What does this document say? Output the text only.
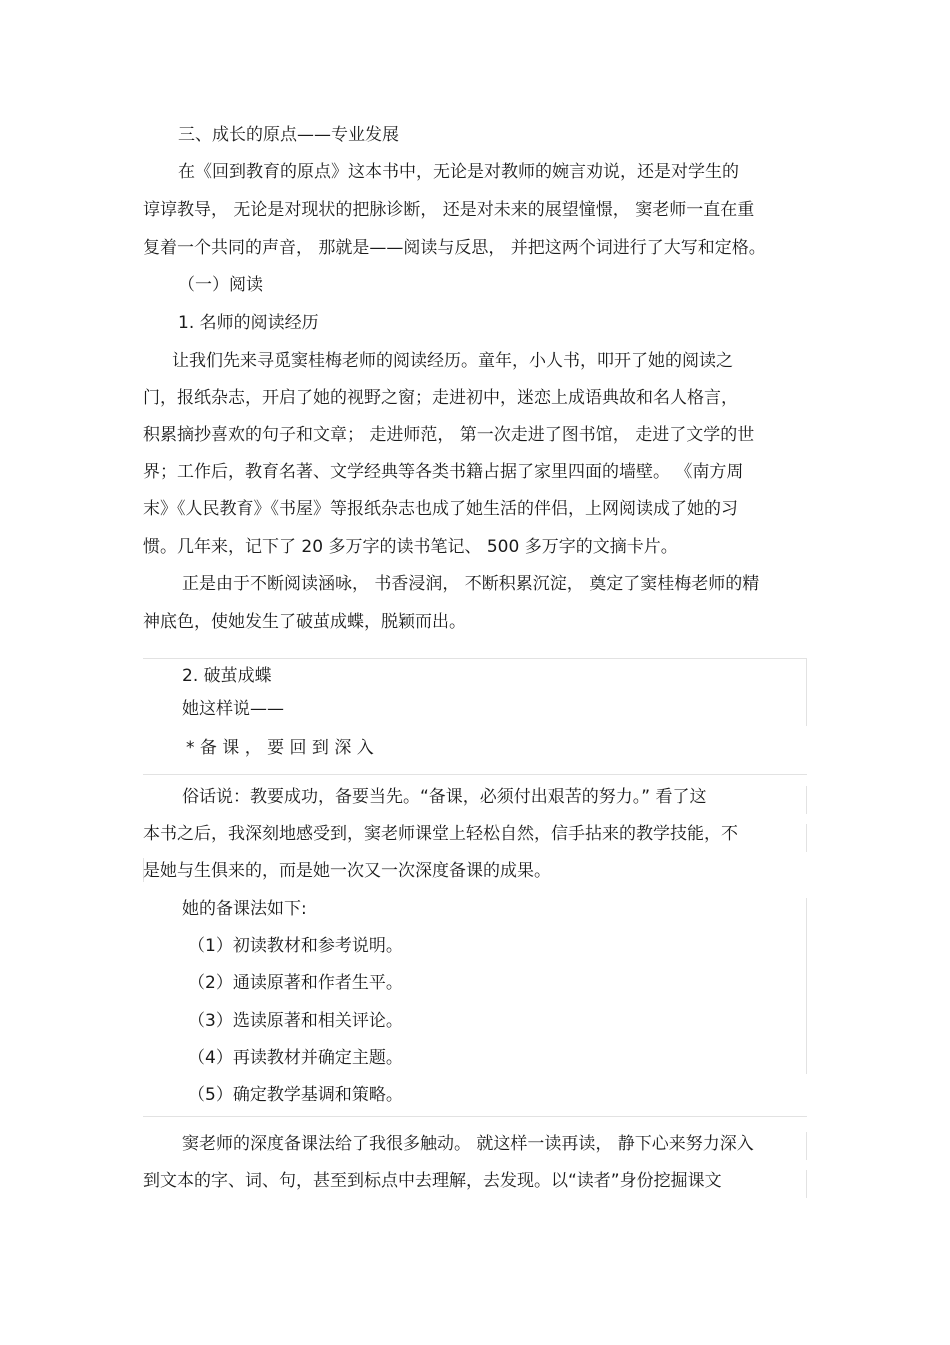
三、成长的原点——专业发展
在《回到教育的原点》这本书中，无论是对教师的婉言劝说，还是对学生的
谆谆教导， 无论是对现状的把脉诊断， 还是对未来的展望憧憬， 窦老师一直在重
复着一个共同的声音， 那就是——阅读与反思， 并把这两个词进行了大写和定格。
（一）阅读
1. 名师的阅读经历
让我们先来寻觅窦桂梅老师的阅读经历。童年，小人书，叩开了她的阅读之
门，报纸杂志，开启了她的视野之窗；走进初中，迷恋上成语典故和名人格言，
积累摘抄喜欢的句子和文章； 走进师范， 第一次走进了图书馆， 走进了文学的世
界；工作后，教育名著、文学经典等各类书籍占据了家里四面的墙壁。 《南方周
末》《人民教育》《书屋》等报纸杂志也成了她生活的伴侣，上网阅读成了她的习
惯。几年来，记下了 20 多万字的读书笔记、 500 多万字的文摘卡片。
正是由于不断阅读涵咏， 书香浸润， 不断积累沉淀， 奠定了窦桂梅老师的精
神底色，使她发生了破茧成蝶，脱颖而出。
2. 破茧成蝶
她这样说——
* 备 课 ， 要 回 到 深 入
俗话说：教要成功，备要当先。“备课，必须付出艰苦的努力。” 看了这
本书之后，我深刻地感受到，窦老师课堂上轻松自然，信手拈来的教学技能，不
是她与生俱来的，而是她一次又一次深度备课的成果。
她的备课法如下:
（1）初读教材和参考说明。
（2）通读原著和作者生平。
（3）选读原著和相关评论。
（4）再读教材并确定主题。
（5）确定教学基调和策略。
窦老师的深度备课法给了我很多触动。 就这样一读再读， 静下心来努力深入
到文本的字、词、句，甚至到标点中去理解，去发现。以“读者”身份挖掘课文
